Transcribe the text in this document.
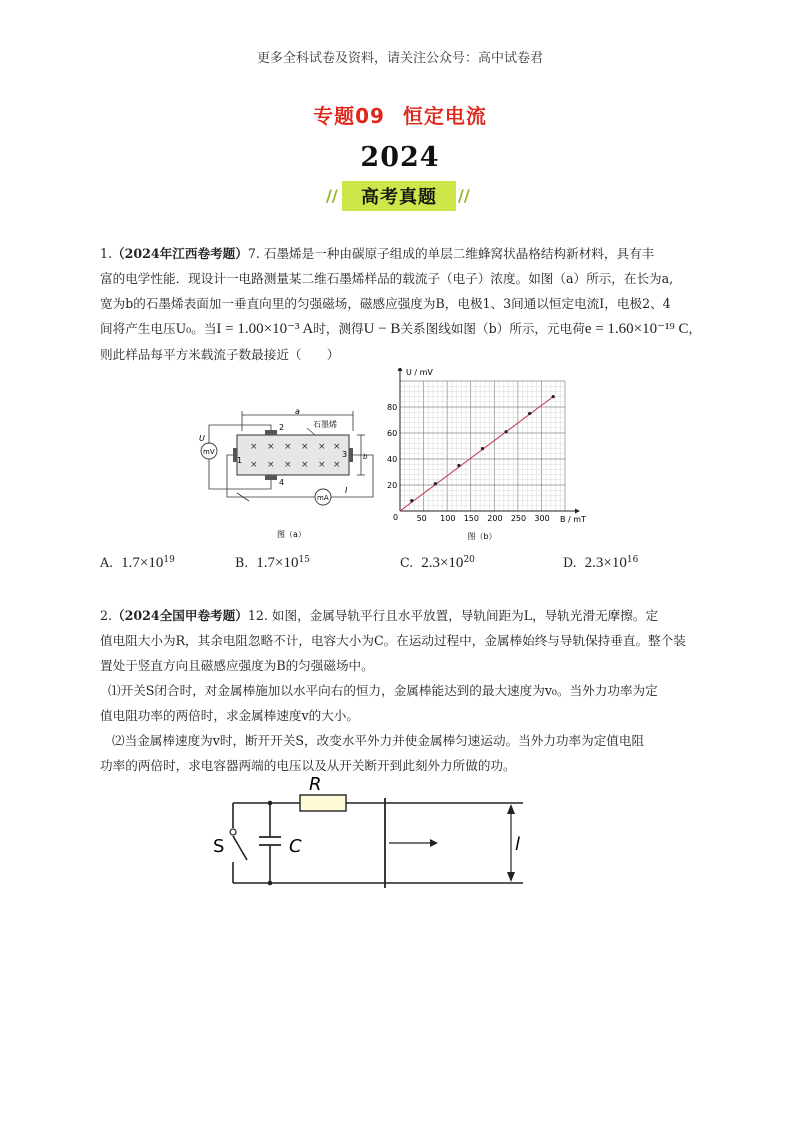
更多全科试卷及资料，请关注公众号：高中试卷君
专题09 恒定电流
2024
//	//
高考真题
1.（2024年江西卷考题）7. 石墨烯是一种由碳原子组成的单层二维蜂窝状晶格结构新材料，具有丰
富的电学性能．现设计一电路测量某二维石墨烯样品的载流子（电子）浓度。如图（a）所示，在长为a,
宽为b的石墨烯表面加一垂直向里的匀强磁场，磁感应强度为B，电极1、3间通以恒定电流I，电极2、4
间将产生电压U₀。当I = 1.00×10⁻³ A时，测得U − B关系图线如图（b）所示，元电荷e = 1.60×10⁻¹⁹ C，
则此样品每平方米载流子数最接近（　　）
a
石墨烯
× × × × × ×
× × × × × ×
b
1
2
3
4
mV
U
mA
I
图（a）
50 100 150 200 250 300
20
40
60
80
0
U / mV
B / mT
图（b）
A. $1.7\times 10^{19}$	B. $1.7\times 10^{15}$	C. $2.3\times 10^{20}$	D. $2.3\times 10^{16}$
2.（2024全国甲卷考题）12. 如图，金属导轨平行且水平放置，导轨间距为L，导轨光滑无摩擦。定
值电阻大小为R，其余电阻忽略不计，电容大小为C。在运动过程中，金属棒始终与导轨保持垂直。整个装
置处于竖直方向且磁感应强度为B的匀强磁场中。
⑴开关S闭合时，对金属棒施加以水平向右的恒力，金属棒能达到的最大速度为v₀。当外力功率为定
值电阻功率的两倍时，求金属棒速度v的大小。
⑵当金属棒速度为v时，断开开关S，改变水平外力并使金属棒匀速运动。当外力功率为定值电阻
功率的两倍时，求电容器两端的电压以及从开关断开到此刻外力所做的功。
R
S	C	l
